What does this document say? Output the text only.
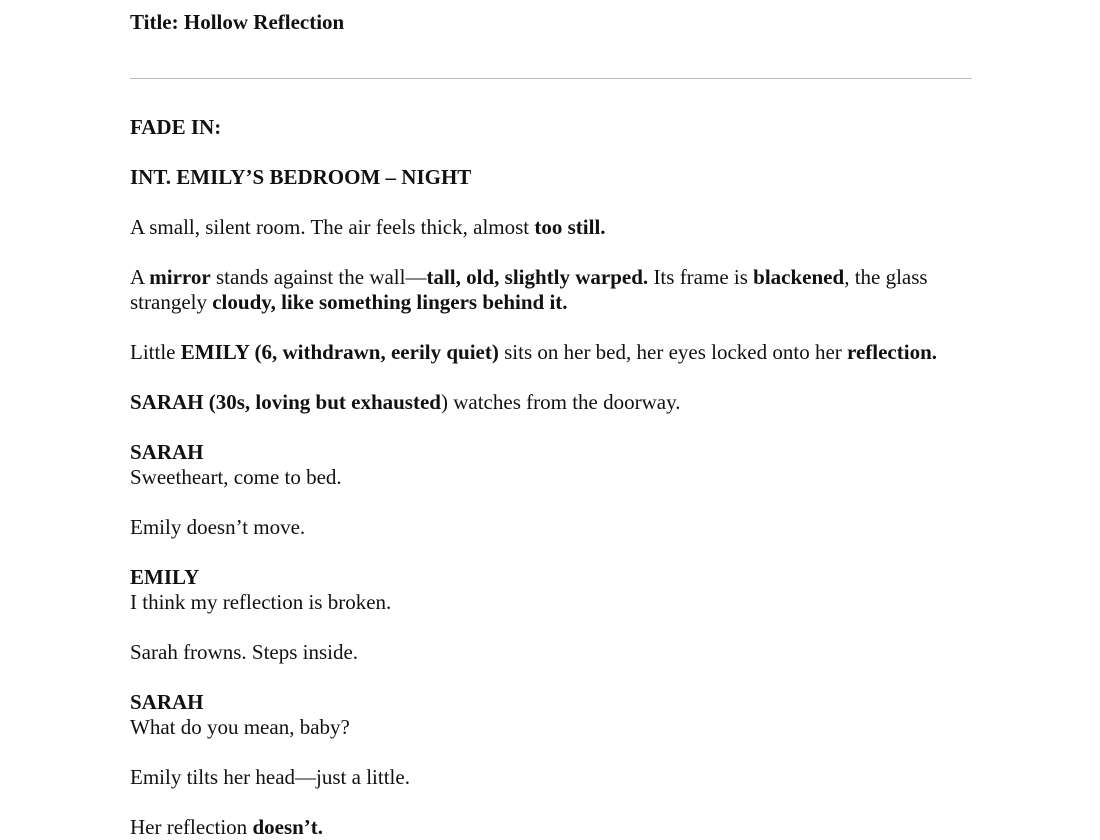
Title: Hollow Reflection
FADE IN:
INT. EMILY’S BEDROOM – NIGHT
A small, silent room. The air feels thick, almost too still.
A mirror stands against the wall—tall, old, slightly warped. Its frame is blackened, the glass
strangely cloudy, like something lingers behind it.
Little EMILY (6, withdrawn, eerily quiet) sits on her bed, her eyes locked onto her reflection.
SARAH (30s, loving but exhausted) watches from the doorway.
SARAH
Sweetheart, come to bed.
Emily doesn’t move.
EMILY
I think my reflection is broken.
Sarah frowns. Steps inside.
SARAH
What do you mean, baby?
Emily tilts her head—just a little.
Her reflection doesn’t.
